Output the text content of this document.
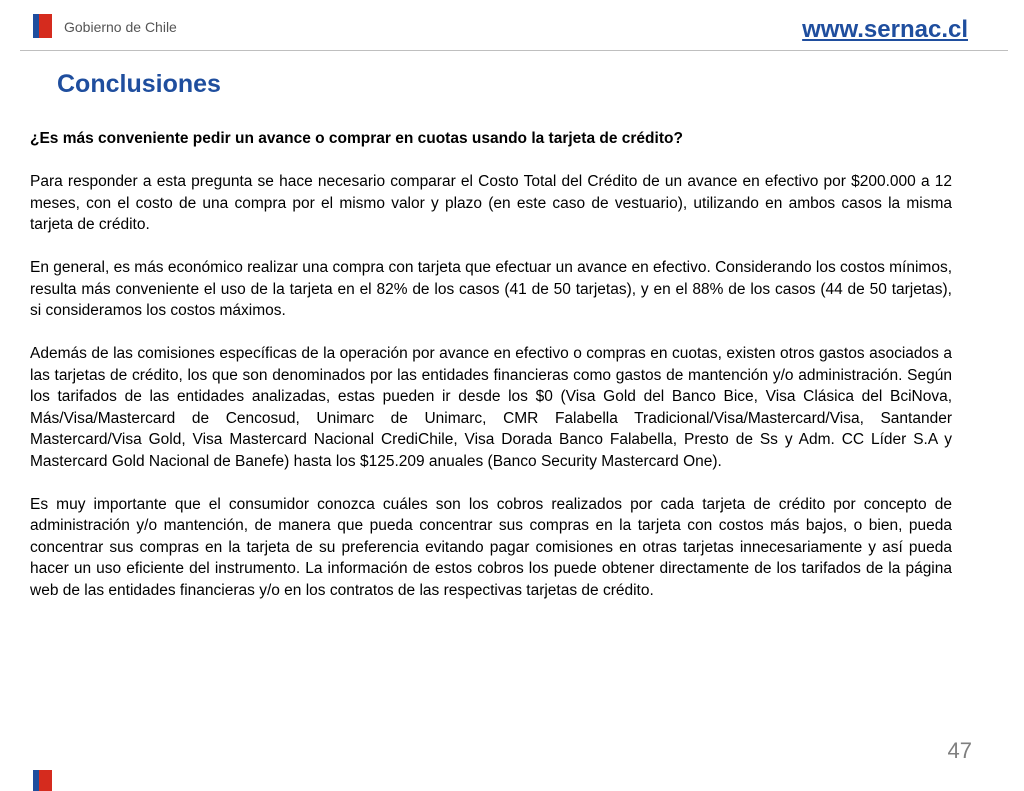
Gobierno de Chile	www.sernac.cl
Conclusiones

¿Es más conveniente pedir un avance o comprar en cuotas usando la tarjeta de crédito?

Para responder a esta pregunta se hace necesario comparar el Costo Total del Crédito de un avance en efectivo por $200.000 a 12 meses, con el costo de una compra por el mismo valor y plazo (en este caso de vestuario), utilizando en ambos casos la misma tarjeta de crédito.

En general, es más económico realizar una compra con tarjeta que efectuar un avance en efectivo. Considerando los costos mínimos, resulta más conveniente el uso de la tarjeta en el 82% de los casos (41 de 50 tarjetas), y en el 88% de los casos (44 de 50 tarjetas), si consideramos los costos máximos.

Además de las comisiones específicas de la operación por avance en efectivo o compras en cuotas, existen otros gastos asociados a las tarjetas de crédito, los que son denominados por las entidades financieras como gastos de mantención y/o administración. Según los tarifados de las entidades analizadas, estas pueden ir desde los $0 (Visa Gold del Banco Bice, Visa Clásica del BciNova, Más/Visa/Mastercard de Cencosud, Unimarc de Unimarc, CMR Falabella Tradicional/Visa/Mastercard/Visa, Santander Mastercard/Visa Gold, Visa Mastercard Nacional CrediChile, Visa Dorada Banco Falabella, Presto de Ss y Adm. CC Líder S.A y Mastercard Gold Nacional de Banefe) hasta los $125.209 anuales (Banco Security Mastercard One).

Es muy importante que el consumidor conozca cuáles son los cobros realizados por cada tarjeta de crédito por concepto de administración y/o mantención, de manera que pueda concentrar sus compras en la tarjeta con costos más bajos, o bien, pueda concentrar sus compras en la tarjeta de su preferencia evitando pagar comisiones en otras tarjetas innecesariamente y así pueda hacer un uso eficiente del instrumento. La información de estos cobros los puede obtener directamente de los tarifados de la página web de las entidades financieras y/o en los contratos de las respectivas tarjetas de crédito.

47
